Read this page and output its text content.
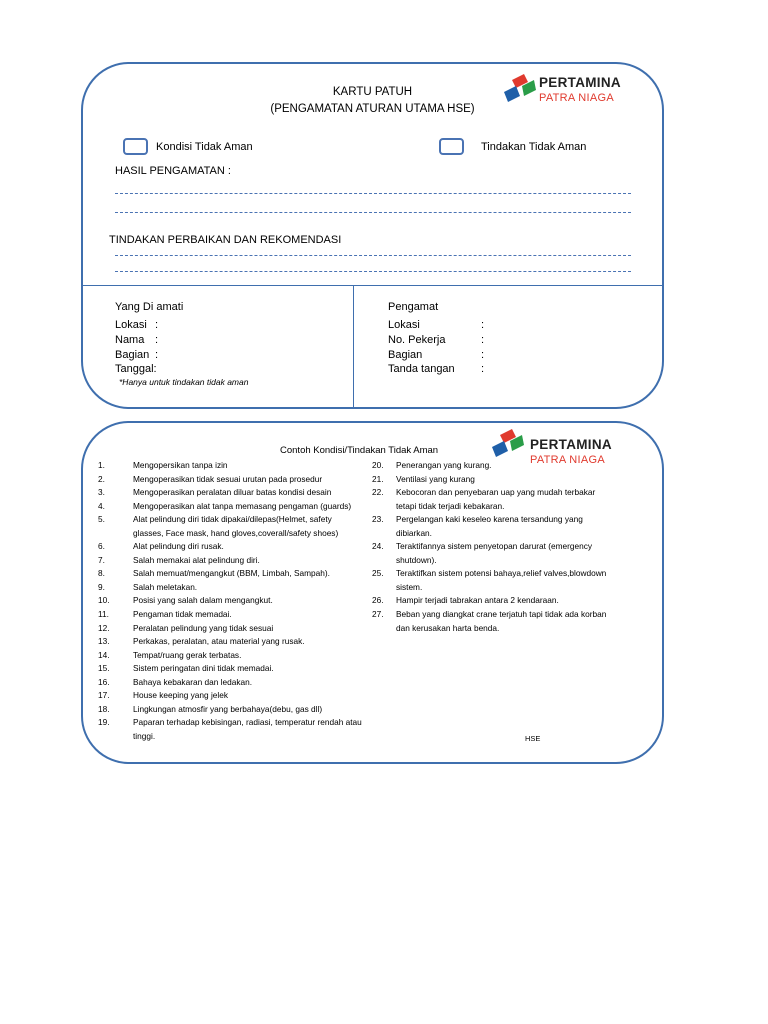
KARTU PATUH
(PENGAMATAN ATURAN UTAMA HSE)
PERTAMINA
PATRA NIAGA
Kondisi Tidak Aman	Tindakan Tidak Aman
HASIL PENGAMATAN :
TINDAKAN PERBAIKAN DAN REKOMENDASI
Yang Di amati
Lokasi :
Nama :
Bagian :
Tanggal:
*Hanya untuk tindakan tidak aman
Pengamat
Lokasi	:
No. Pekerja	:
Bagian	:
Tanda tangan :
Contoh Kondisi/Tindakan Tidak Aman	PERTAMINA
PATRA NIAGA
1.	Mengopersikan tanpa izin
2.	Mengoperasikan tidak sesuai urutan pada prosedur
3.	Mengoperasikan peralatan diluar batas kondisi desain
4.	Mengoperasikan alat tanpa memasang pengaman (guards)
5.	Alat pelindung diri tidak dipakai/dilepas(Helmet, safety
glasses, Face mask, hand gloves,coverall/safety shoes)
6.	Alat pelindung diri rusak.
7.	Salah memakai alat pelindung diri.
8.	Salah memuat/mengangkut (BBM, Limbah, Sampah).
9.	Salah meletakan.
10.	Posisi yang salah dalam mengangkut.
11.	Pengaman tidak memadai.
12.	Peralatan pelindung yang tidak sesuai
13.	Perkakas, peralatan, atau material yang rusak.
14.	Tempat/ruang gerak terbatas.
15.	Sistem peringatan dini tidak memadai.
16.	Bahaya kebakaran dan ledakan.
17.	House keeping yang jelek
18.	Lingkungan atmosfir yang berbahaya(debu, gas dll)
19.	Paparan terhadap kebisingan, radiasi, temperatur rendah atau
tinggi.
20. Penerangan yang kurang.
21. Ventilasi yang kurang
22. Kebocoran dan penyebaran uap yang mudah terbakar
tetapi tidak terjadi kebakaran.
23. Pergelangan kaki keseleo karena tersandung yang
dibiarkan.
24. Teraktifannya sistem penyetopan darurat (emergency
shutdown).
25. Teraktifkan sistem potensi bahaya,relief valves,blowdown
sistem.
26. Hampir terjadi tabrakan antara 2 kendaraan.
27. Beban yang diangkat crane terjatuh tapi tidak ada korban
dan kerusakan harta benda.
HSE
